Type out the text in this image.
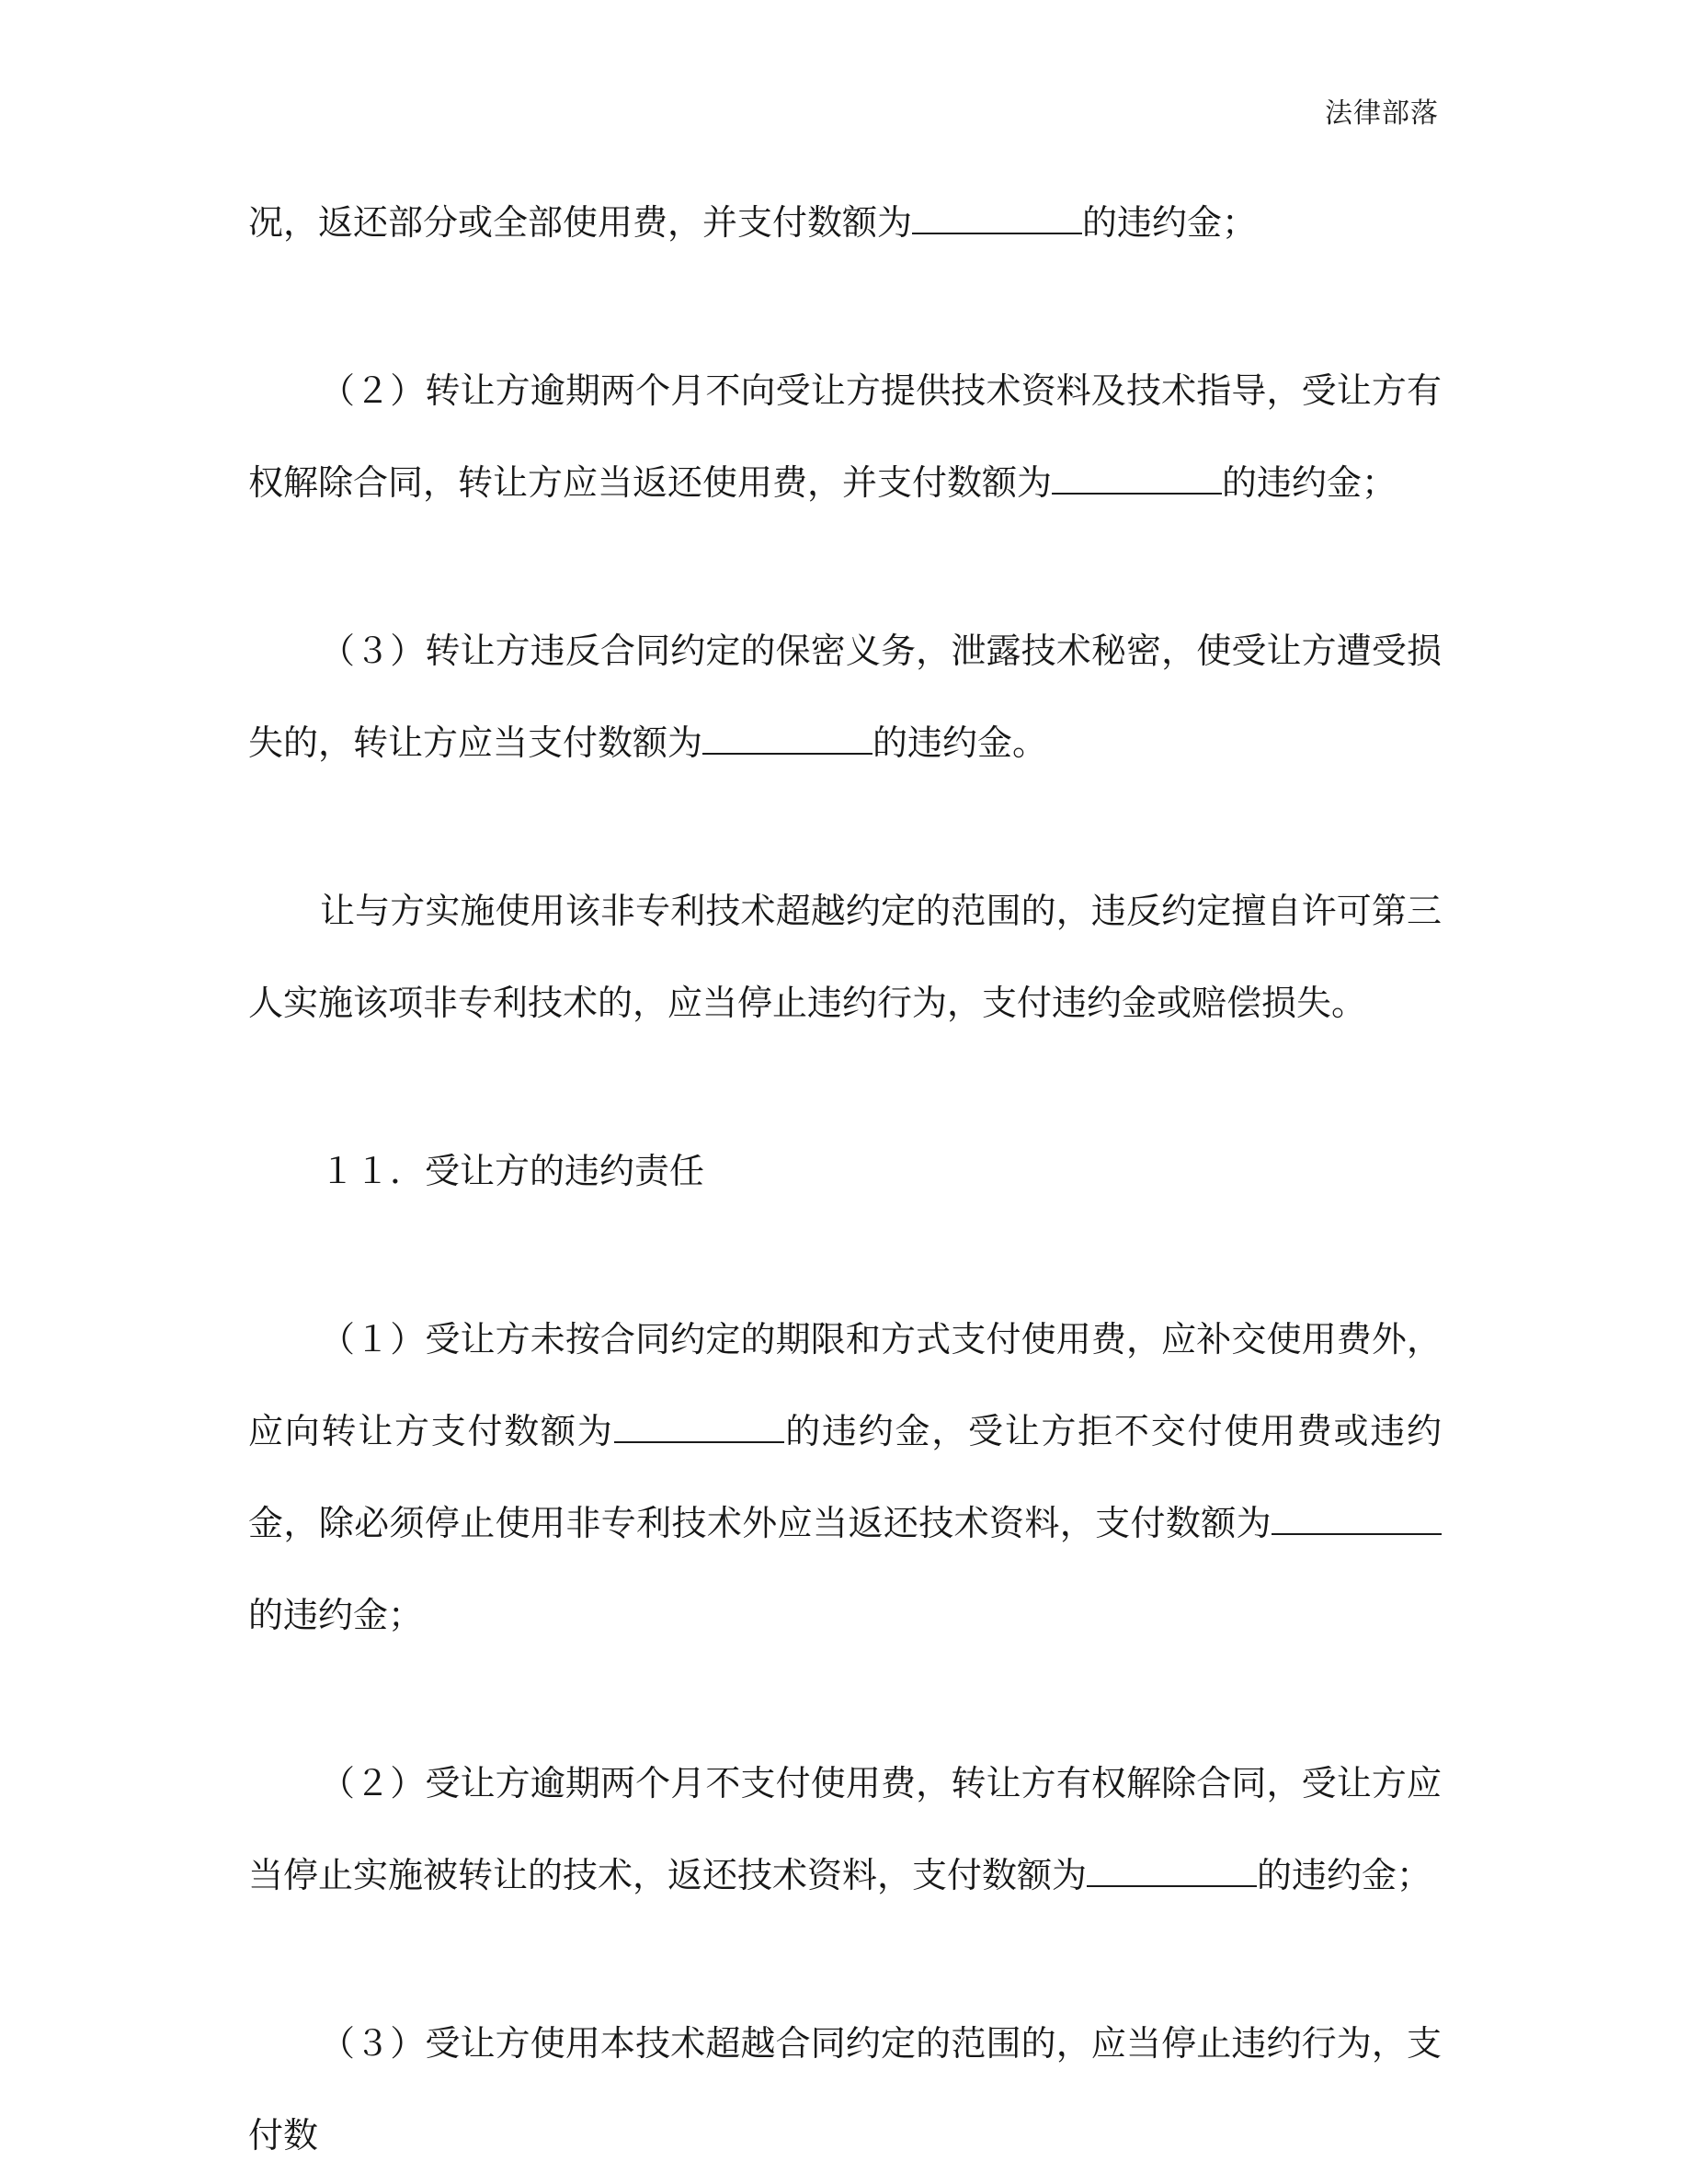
法律部落
况，返还部分或全部使用费，并支付数额为	的违约金；
（２）转让方逾期两个月不向受让方提供技术资料及技术指导，受让方有权解除合同，转让方应当返还使用费，并支付数额为	的违约金；
（３）转让方违反合同约定的保密义务，泄露技术秘密，使受让方遭受损失的，转让方应当支付数额为	的违约金。
让与方实施使用该非专利技术超越约定的范围的，违反约定擅自许可第三人实施该项非专利技术的，应当停止违约行为，支付违约金或赔偿损失。
１１．受让方的违约责任
（１）受让方未按合同约定的期限和方式支付使用费，应补交使用费外，应向转让方支付数额为	的违约金，受让方拒不交付使用费或违约金，除必须停止使用非专利技术外应当返还技术资料，支付数额为的违约金；
（２）受让方逾期两个月不支付使用费，转让方有权解除合同，受让方应当停止实施被转让的技术，返还技术资料，支付数额为	的违约金；
（３）受让方使用本技术超越合同约定的范围的，应当停止违约行为，支付数
